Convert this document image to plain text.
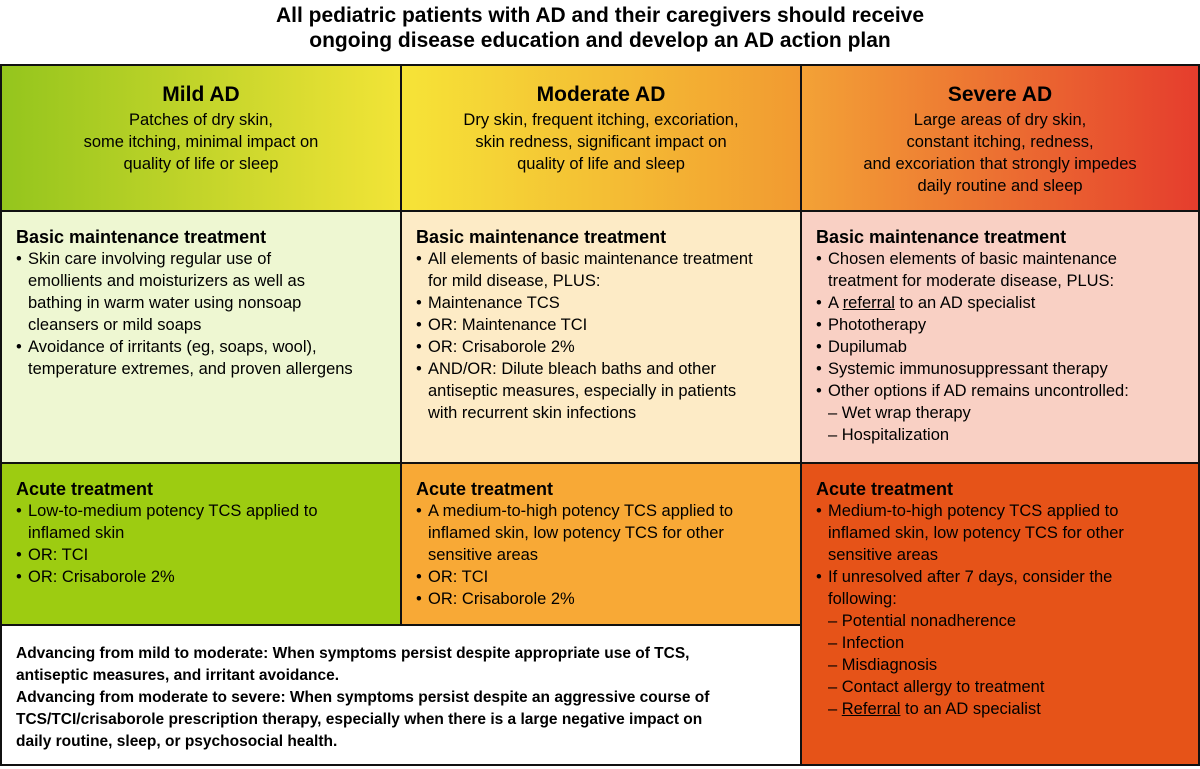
All pediatric patients with AD and their caregivers should receive
ongoing disease education and develop an AD action plan
Mild AD
Patches of dry skin,
some itching, minimal impact on
quality of life or sleep
Moderate AD
Dry skin, frequent itching, excoriation,
skin redness, significant impact on
quality of life and sleep
Severe AD
Large areas of dry skin,
constant itching, redness,
and excoriation that strongly impedes
daily routine and sleep
Basic maintenance treatment
• Skin care involving regular use of
emollients and moisturizers as well as
bathing in warm water using nonsoap
cleansers or mild soaps
• Avoidance of irritants (eg, soaps, wool),
temperature extremes, and proven allergens
Basic maintenance treatment
• All elements of basic maintenance treatment
for mild disease, PLUS:
• Maintenance TCS
• OR: Maintenance TCI
• OR: Crisaborole 2%
• AND/OR: Dilute bleach baths and other
antiseptic measures, especially in patients
with recurrent skin infections
Basic maintenance treatment
• Chosen elements of basic maintenance
treatment for moderate disease, PLUS:
• A referral to an AD specialist
• Phototherapy
• Dupilumab
• Systemic immunosuppressant therapy
• Other options if AD remains uncontrolled:
– Wet wrap therapy
– Hospitalization
Acute treatment
• Low-to-medium potency TCS applied to
inflamed skin
• OR: TCI
• OR: Crisaborole 2%
Acute treatment
• A medium-to-high potency TCS applied to
inflamed skin, low potency TCS for other
sensitive areas
• OR: TCI
• OR: Crisaborole 2%
Acute treatment
• Medium-to-high potency TCS applied to
inflamed skin, low potency TCS for other
sensitive areas
• If unresolved after 7 days, consider the
following:
– Potential nonadherence
– Infection
– Misdiagnosis
– Contact allergy to treatment
– Referral to an AD specialist
Advancing from mild to moderate: When symptoms persist despite appropriate use of TCS,
antiseptic measures, and irritant avoidance.
Advancing from moderate to severe: When symptoms persist despite an aggressive course of
TCS/TCI/crisaborole prescription therapy, especially when there is a large negative impact on
daily routine, sleep, or psychosocial health.
